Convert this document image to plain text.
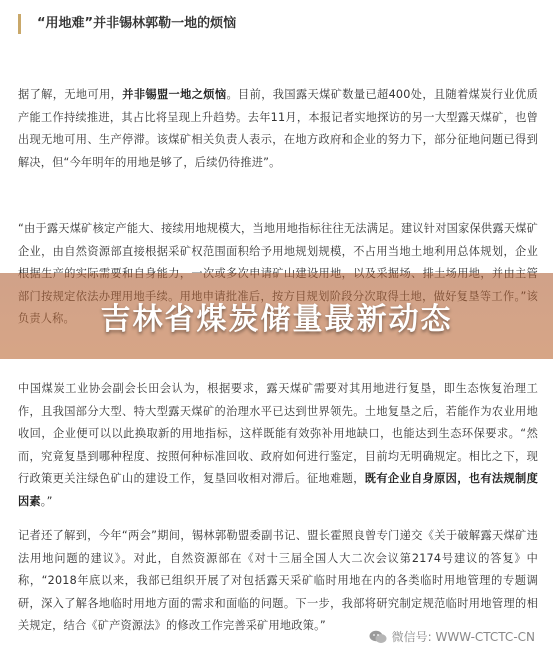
“用地难”并非锡林郭勒一地的烦恼

据了解，无地可用，并非锡盟一地之烦恼。目前，我国露天煤矿数量已超400处，且随着煤炭行业优质产能工作持续推进，其占比将呈现上升趋势。去年11月，本报记者实地探访的另一大型露天煤矿，也曾出现无地可用、生产停滞。该煤矿相关负责人表示，在地方政府和企业的努力下，部分征地问题已得到解决，但“今年明年的用地是够了，后续仍待推进”。

“由于露天煤矿核定产能大、接续用地规模大，当地用地指标往往无法满足。建议针对国家保供露天煤矿企业，由自然资源部直接根据采矿权范围面积给予用地规划规模，不占用当地土地利用总体规划，企业

中国煤炭工业协会副会长田会认为，根据要求，露天煤矿需要对其用地进行复垦，即生态恢复治理工作，且我国部分大型、特大型露天煤矿的治理水平已达到世界领先。土地复垦之后，若能作为农业用地收回，企业便可以以此换取新的用地指标，这样既能有效弥补用地缺口，也能达到生态环保要求。“然而，究竟复垦到哪种程度、按照何种标准回收、政府如何进行鉴定，目前均无明确规定。相比之下，现行政策更关注绿色矿山的建设工作，复垦回收相对滞后。征地难题，既有企业自身原因，也有法规制度因素。”

记者还了解到，今年“两会”期间，锡林郭勒盟委副书记、盟长霍照良曾专门递交《关于破解露天煤矿违法用地问题的建议》。对此，自然资源部在《对十三届全国人大二次会议第2174号建议的答复》中称，“2018年底以来，我部已组织开展了对包括露天采矿临时用地在内的各类临时用地管理的专题调研，深入了解各地临时用地方面的需求和面临的问题。下一步，我部将研究制定规范临时用地管理的相关规定，结合《矿产资源法》的修改工作完善采矿用地政策。”

吉林省煤炭储量最新动态
微信号: WWW-CTCTC-CN
